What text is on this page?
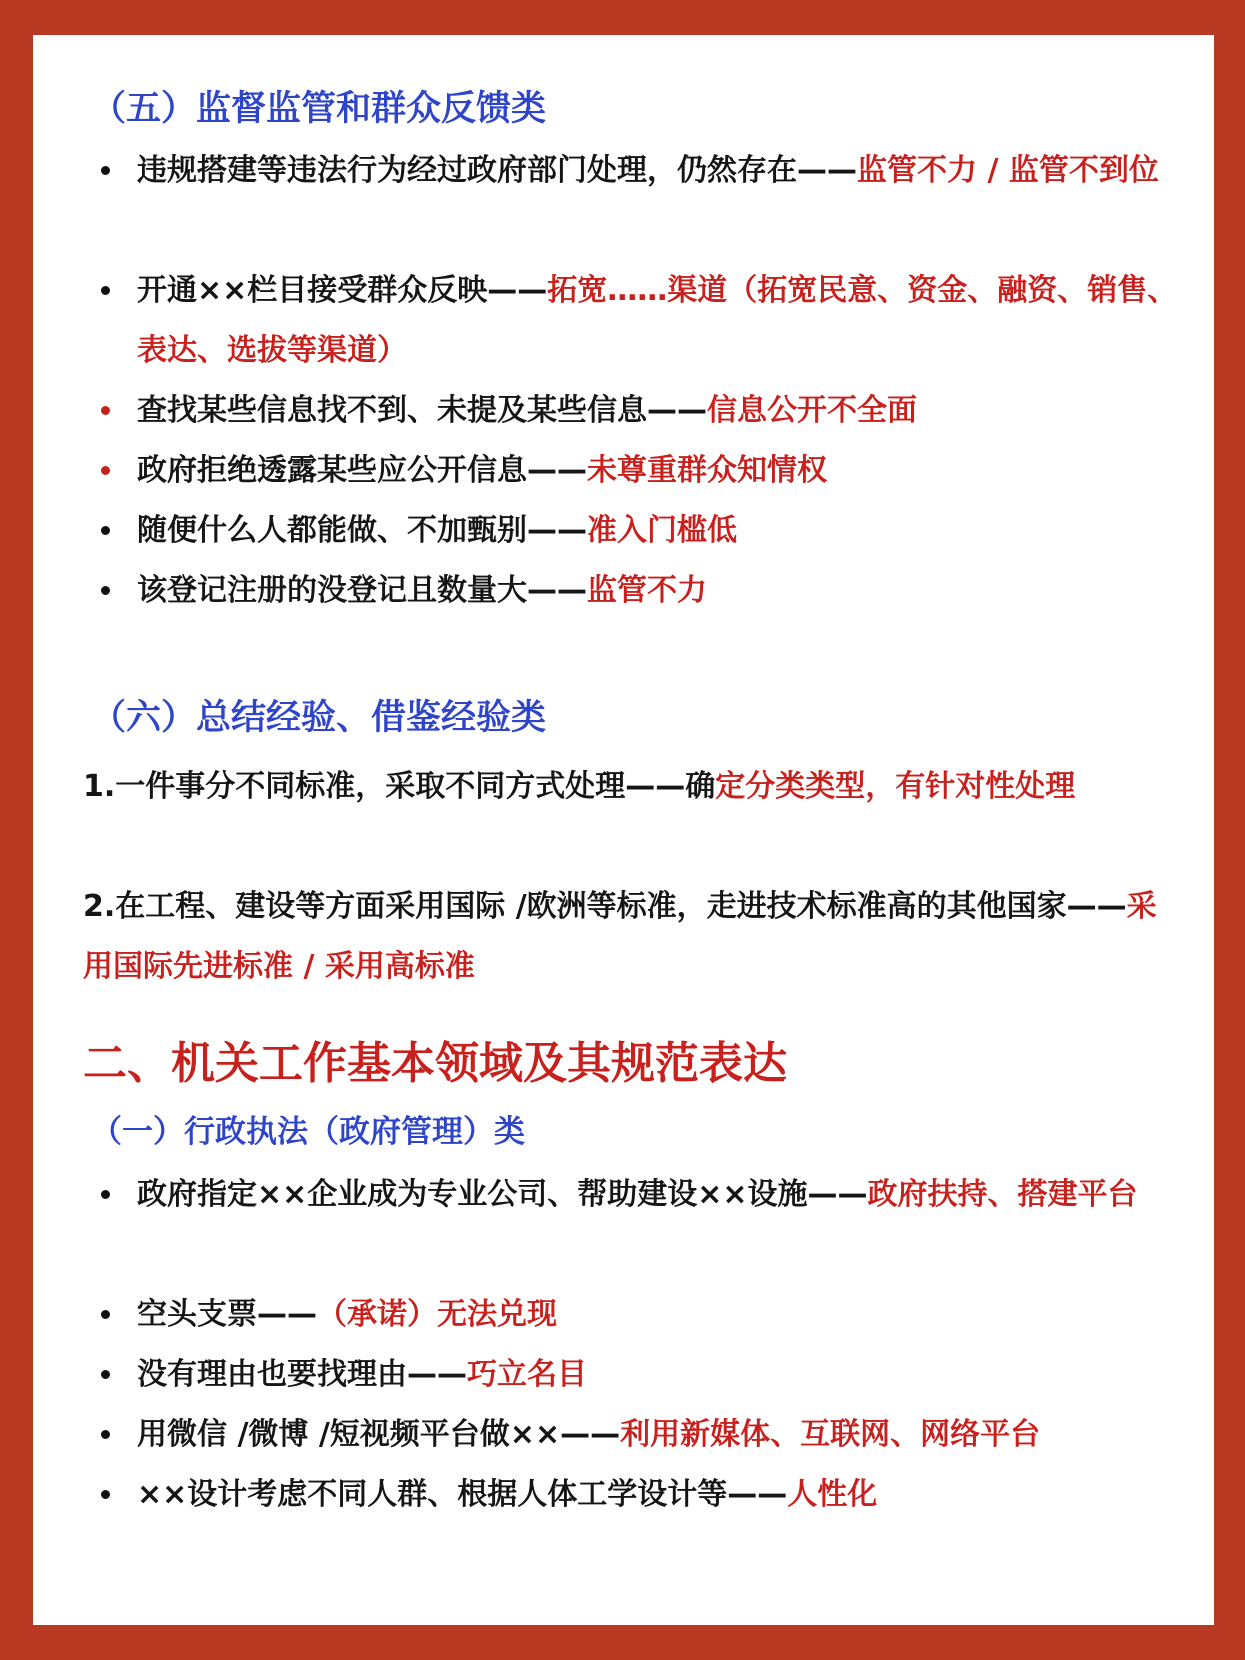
（五）监督监管和群众反馈类
违规搭建等违法行为经过政府部门处理，仍然存在——监管不力 / 监管不到位
开通××栏目接受群众反映——拓宽……渠道（拓宽民意、资金、融资、销售、表达、选拔等渠道）
查找某些信息找不到、未提及某些信息——信息公开不全面
政府拒绝透露某些应公开信息——未尊重群众知情权
随便什么人都能做、不加甄别——准入门槛低
该登记注册的没登记且数量大——监管不力
（六）总结经验、借鉴经验类
1.一件事分不同标准，采取不同方式处理——确定分类类型，有针对性处理
2.在工程、建设等方面采用国际 /欧洲等标准，走进技术标准高的其他国家——采用国际先进标准 / 采用高标准
二、机关工作基本领域及其规范表达
（一）行政执法（政府管理）类
政府指定××企业成为专业公司、帮助建设××设施——政府扶持、搭建平台
空头支票——（承诺）无法兑现
没有理由也要找理由——巧立名目
用微信 /微博 /短视频平台做××——利用新媒体、互联网、网络平台
××设计考虑不同人群、根据人体工学设计等——人性化
